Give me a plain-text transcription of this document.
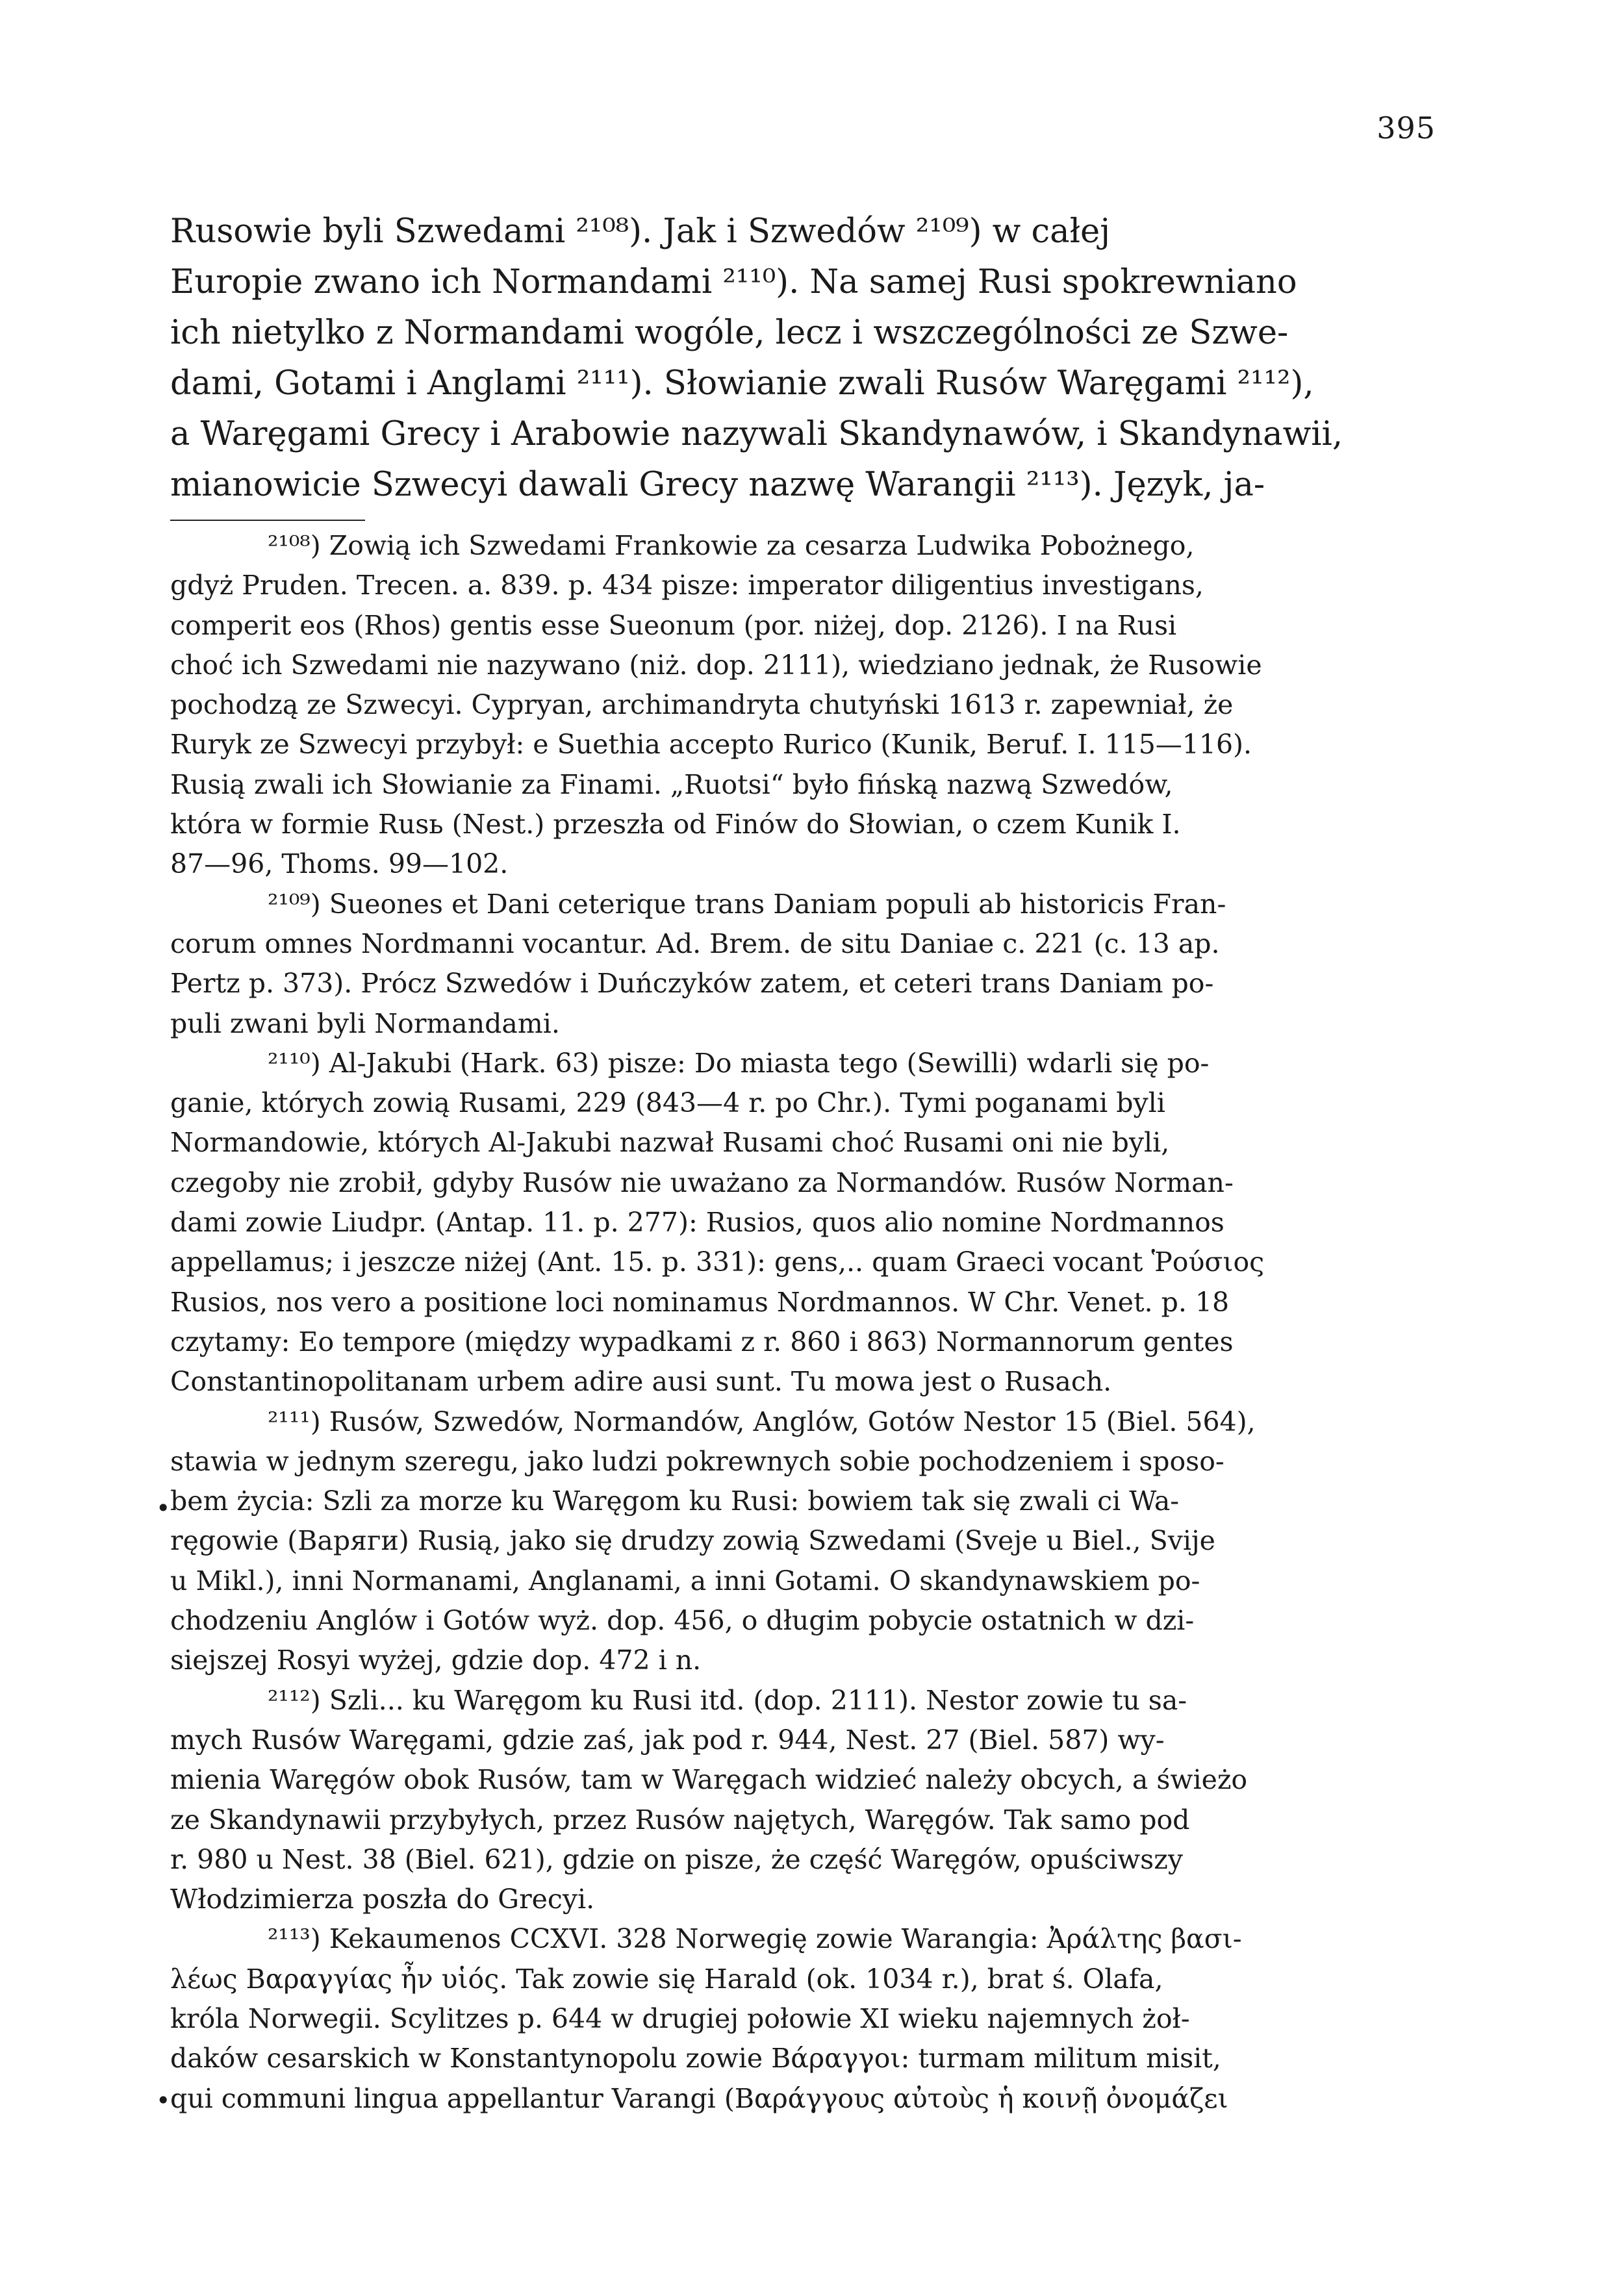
395
Rusowie byli Szwedami ²¹⁰⁸). Jak i Szwedów ²¹⁰⁹) w całej
Europie zwano ich Normandami ²¹¹⁰). Na samej Rusi spokrewniano
ich nietylko z Normandami wogóle, lecz i wszczególności ze Szwe-
dami, Gotami i Anglami ²¹¹¹). Słowianie zwali Rusów Waręgami ²¹¹²),
a Waręgami Grecy i Arabowie nazywali Skandynawów, i Skandynawii,
mianowicie Szwecyi dawali Grecy nazwę Warangii ²¹¹³). Język, ja-
²¹⁰⁸) Zowią ich Szwedami Frankowie za cesarza Ludwika Pobożnego,
gdyż Pruden. Trecen. a. 839. p. 434 pisze: imperator diligentius investigans,
comperit eos (Rhos) gentis esse Sueonum (por. niżej, dop. 2126). I na Rusi
choć ich Szwedami nie nazywano (niż. dop. 2111), wiedziano jednak, że Rusowie
pochodzą ze Szwecyi. Cypryan, archimandryta chutyński 1613 r. zapewniał, że
Ruryk ze Szwecyi przybył: e Suethia accepto Rurico (Kunik, Beruf. I. 115—116).
Rusią zwali ich Słowianie za Finami. „Ruotsi“ było fińską nazwą Szwedów,
która w formie Rusь (Nest.) przeszła od Finów do Słowian, o czem Kunik I.
87—96, Thoms. 99—102.
²¹⁰⁹) Sueones et Dani ceterique trans Daniam populi ab historicis Fran-
corum omnes Nordmanni vocantur. Ad. Brem. de situ Daniae c. 221 (c. 13 ap.
Pertz p. 373). Prócz Szwedów i Duńczyków zatem, et ceteri trans Daniam po-
puli zwani byli Normandami.
²¹¹⁰) Al-Jakubi (Hark. 63) pisze: Do miasta tego (Sewilli) wdarli się po-
ganie, których zowią Rusami, 229 (843—4 r. po Chr.). Tymi poganami byli
Normandowie, których Al-Jakubi nazwał Rusami choć Rusami oni nie byli,
czegoby nie zrobił, gdyby Rusów nie uważano za Normandów. Rusów Norman-
dami zowie Liudpr. (Antap. 11. p. 277): Rusios, quos alio nomine Nordmannos
appellamus; i jeszcze niżej (Ant. 15. p. 331): gens,.. quam Graeci vocant Ῥούσιος
Rusios, nos vero a positione loci nominamus Nordmannos. W Chr. Venet. p. 18
czytamy: Eo tempore (między wypadkami z r. 860 i 863) Normannorum gentes
Constantinopolitanam urbem adire ausi sunt. Tu mowa jest o Rusach.
²¹¹¹) Rusów, Szwedów, Normandów, Anglów, Gotów Nestor 15 (Biel. 564),
stawia w jednym szeregu, jako ludzi pokrewnych sobie pochodzeniem i sposo-
bem życia: Szli za morze ku Waręgom ku Rusi: bowiem tak się zwali ci Wa-
ręgowie (Варяги) Rusią, jako się drudzy zowią Szwedami (Sveje u Biel., Svije
u Mikl.), inni Normanami, Anglanami, a inni Gotami. O skandynawskiem po-
chodzeniu Anglów i Gotów wyż. dop. 456, o długim pobycie ostatnich w dzi-
siejszej Rosyi wyżej, gdzie dop. 472 i n.
²¹¹²) Szli... ku Waręgom ku Rusi itd. (dop. 2111). Nestor zowie tu sa-
mych Rusów Waręgami, gdzie zaś, jak pod r. 944, Nest. 27 (Biel. 587) wy-
mienia Waręgów obok Rusów, tam w Waręgach widzieć należy obcych, a świeżo
ze Skandynawii przybyłych, przez Rusów najętych, Waręgów. Tak samo pod
r. 980 u Nest. 38 (Biel. 621), gdzie on pisze, że część Waręgów, opuściwszy
Włodzimierza poszła do Grecyi.
²¹¹³) Kekaumenos CCXVI. 328 Norwegię zowie Warangia: Ἀράλτης βασι-
λέως Βαραγγίας ἦν υἱός. Tak zowie się Harald (ok. 1034 r.), brat ś. Olafa,
króla Norwegii. Scylitzes p. 644 w drugiej połowie XI wieku najemnych żoł-
daków cesarskich w Konstantynopolu zowie Βάραγγοι: turmam militum misit,
qui communi lingua appellantur Varangi (Βαράγγους αὐτοὺς ἡ κοινῇ ὀνομάζει
•
•
